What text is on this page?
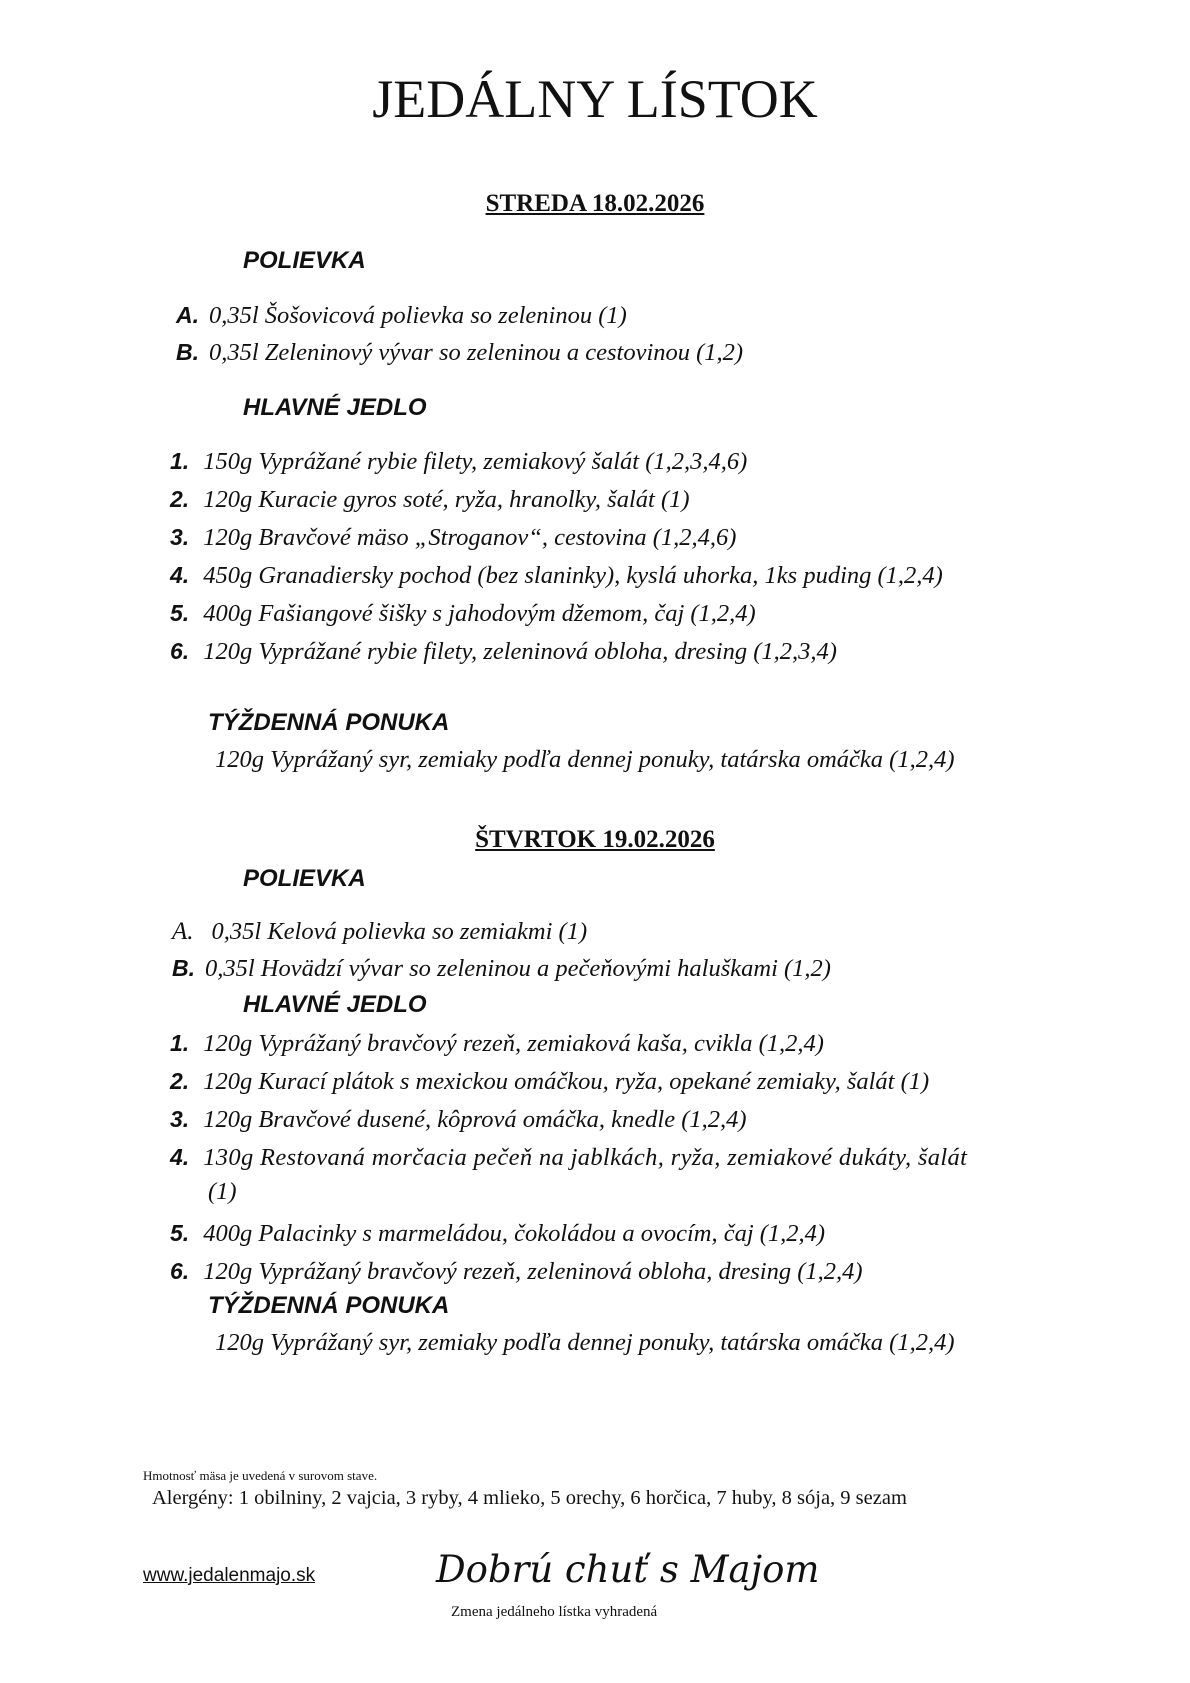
JEDÁLNY LÍSTOK
STREDA 18.02.2026
POLIEVKA
A. 0,35l Šošovicová polievka so zeleninou (1)
B. 0,35l Zeleninový vývar so zeleninou a cestovinou (1,2)
HLAVNÉ JEDLO
1. 150g Vyprážané rybie filety, zemiakový šalát (1,2,3,4,6)
2. 120g Kuracie gyros soté, ryža, hranolky, šalát (1)
3. 120g Bravčové mäso „Stroganov“, cestovina (1,2,4,6)
4. 450g Granadiersky pochod (bez slaninky), kyslá uhorka, 1ks puding (1,2,4)
5. 400g Fašiangové šišky s jahodovým džemom, čaj (1,2,4)
6. 120g Vyprážané rybie filety, zeleninová obloha, dresing (1,2,3,4)
TÝŽDENNÁ PONUKA
120g Vyprážaný syr, zemiaky podľa dennej ponuky, tatárska omáčka (1,2,4)
ŠTVRTOK 19.02.2026
POLIEVKA
A. 0,35l Kelová polievka so zemiakmi (1)
B. 0,35l Hovädzí vývar so zeleninou a pečeňovými haluškami (1,2)
HLAVNÉ JEDLO
1. 120g Vyprážaný bravčový rezeň, zemiaková kaša, cvikla (1,2,4)
2. 120g Kurací plátok s mexickou omáčkou, ryža, opekané zemiaky, šalát (1)
3. 120g Bravčové dusené, kôprová omáčka, knedle (1,2,4)
4. 130g Restovaná morčacia pečeň na jablkách, ryža, zemiakové dukáty, šalát
(1)
5. 400g Palacinky s marmeládou, čokoládou a ovocím, čaj (1,2,4)
6. 120g Vyprážaný bravčový rezeň, zeleninová obloha, dresing (1,2,4)
TÝŽDENNÁ PONUKA
120g Vyprážaný syr, zemiaky podľa dennej ponuky, tatárska omáčka (1,2,4)
Hmotnosť mäsa je uvedená v surovom stave.
Alergény: 1 obilniny, 2 vajcia, 3 ryby, 4 mlieko, 5 orechy, 6 horčica, 7 huby, 8 sója, 9 sezam
www.jedalenmajo.sk	Dobrú chuť s Majom
Zmena jedálneho lístka vyhradená
